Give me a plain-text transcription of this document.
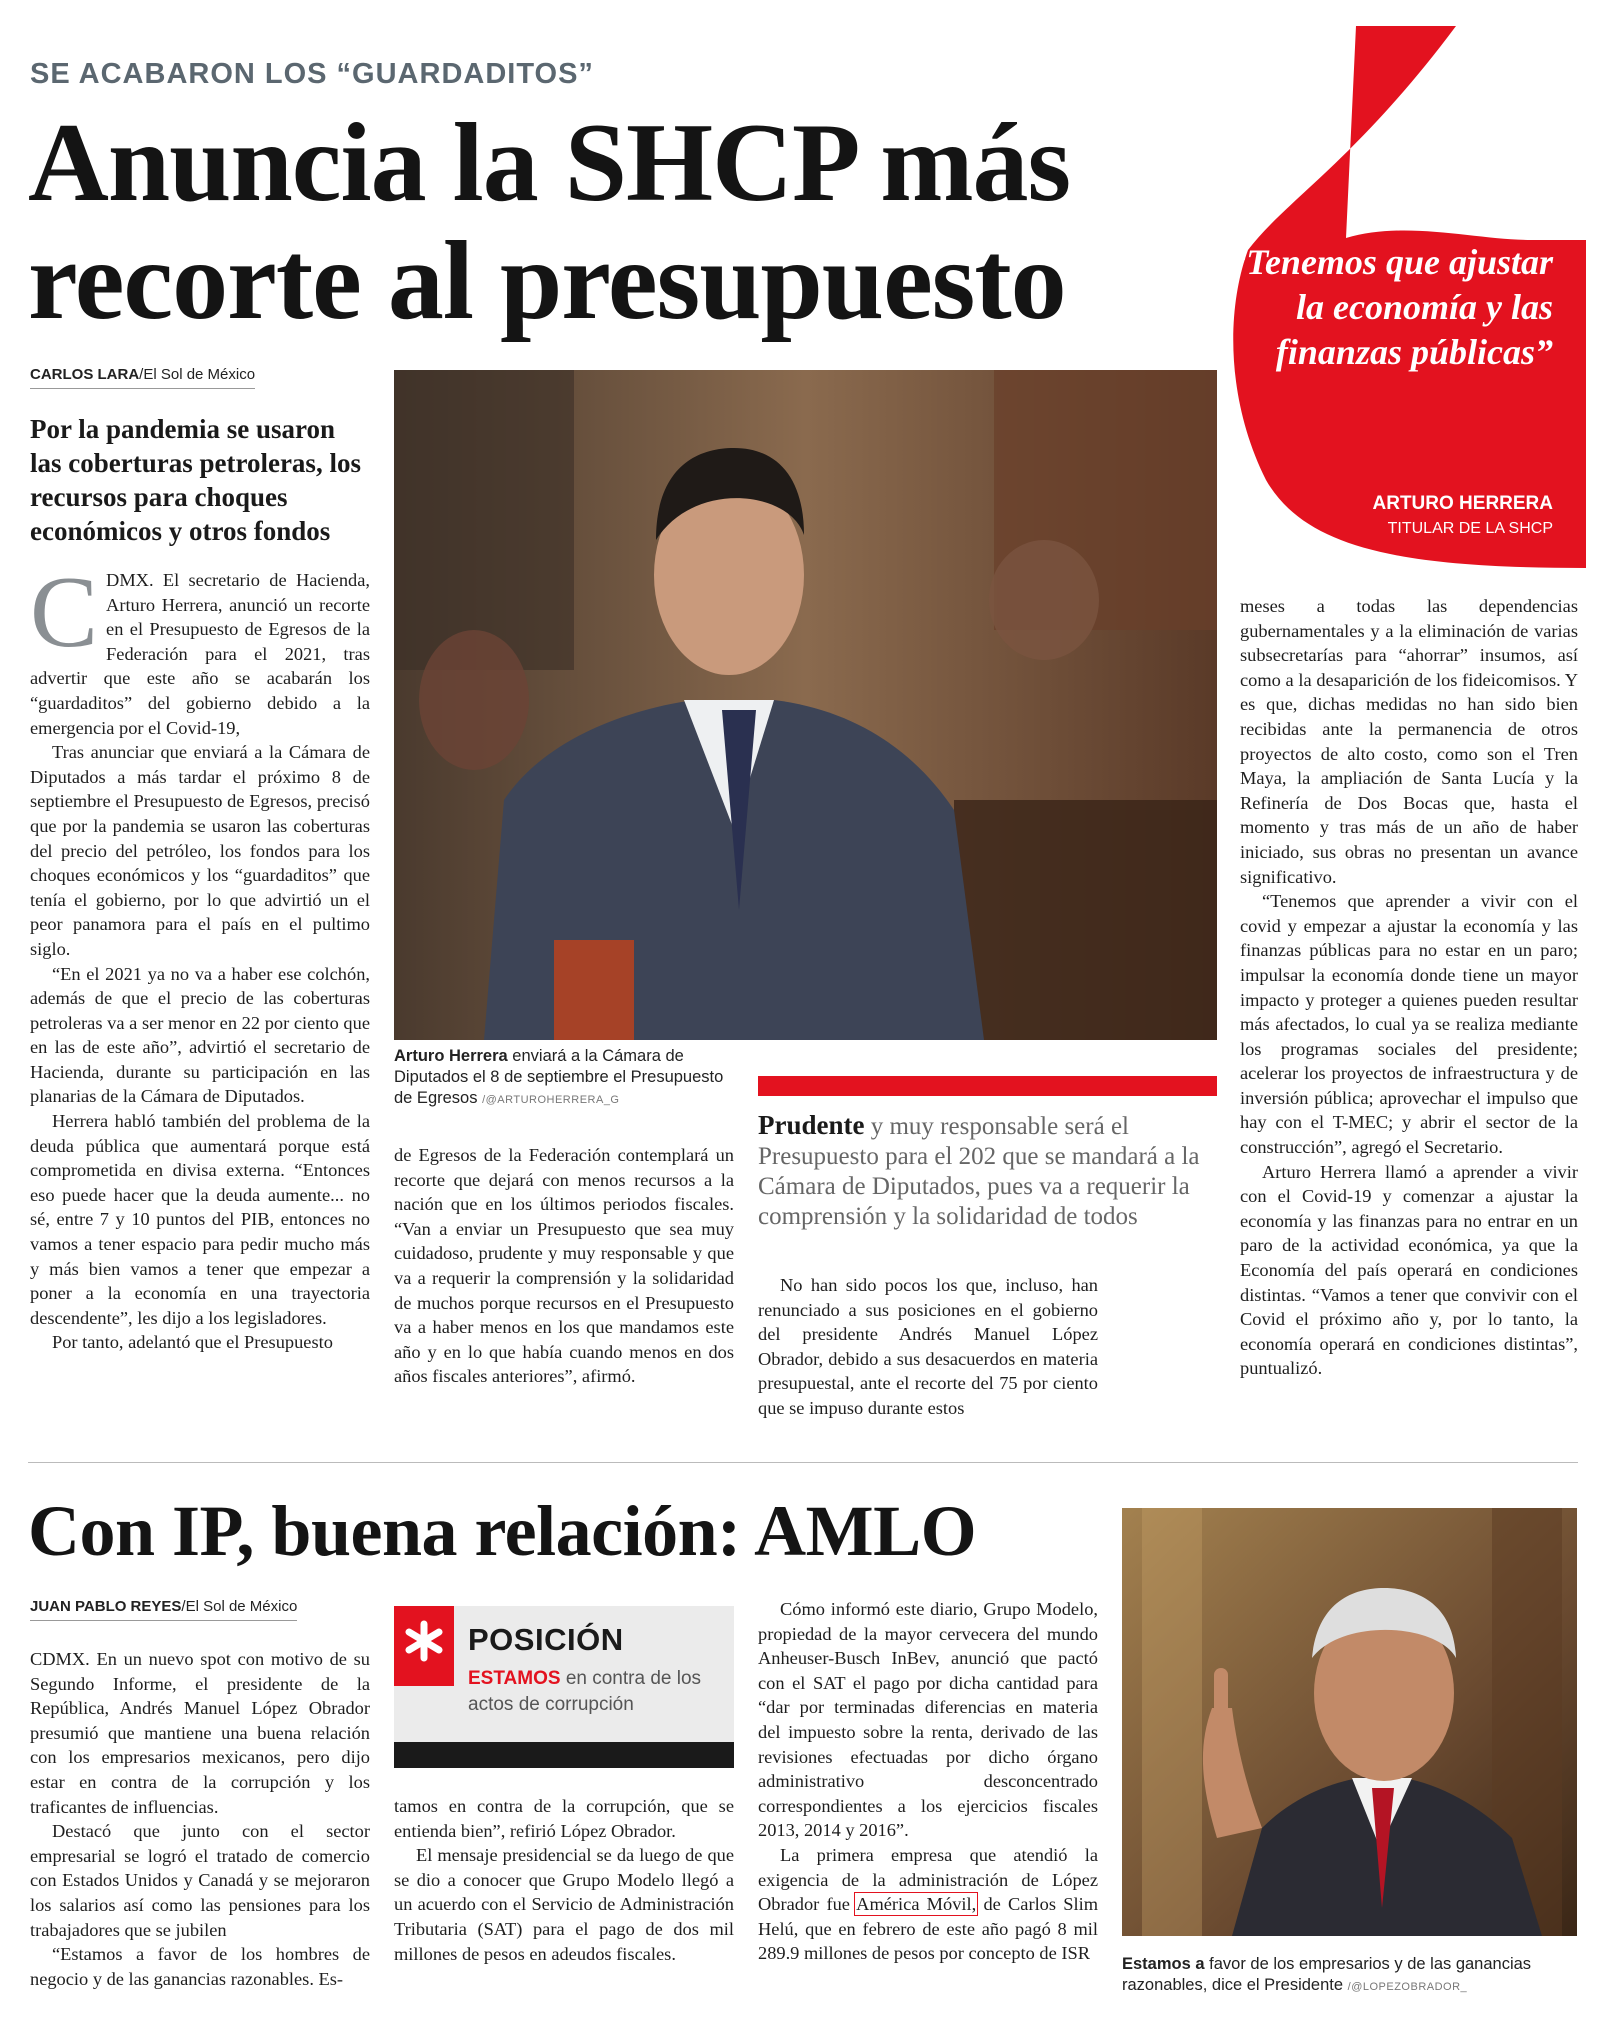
SE ACABARON LOS “GUARDADITOS”
Anuncia la SHCP más recorte al presupuesto
CARLOS LARA/El Sol de México
Por la pandemia se usaron las coberturas petroleras, los recursos para choques económicos y otros fondos
“Tenemos que ajustar la economía y las finanzas públicas”
ARTURO HERRERA
TITULAR DE LA SHCP
Arturo Herrera enviará a la Cámara de Diputados el 8 de septiembre el Presupuesto de Egresos /@ARTUROHERRERA_G
C DMX. El secretario de Hacienda, Arturo Herrera, anunció un recorte en el Presupuesto de Egresos de la Federación para el 2021, tras advertir que este año se acabarán los “guardaditos” del gobierno debido a la emergencia por el Covid-19,

Tras anunciar que enviará a la Cámara de Diputados a más tardar el próximo 8 de septiembre el Presupuesto de Egresos, precisó que por la pandemia se usaron las coberturas del precio del petróleo, los fondos para los choques económicos y los “guardaditos” que tenía el gobierno, por lo que advirtió un el peor panamora para el país en el pultimo siglo.

“En el 2021 ya no va a haber ese colchón, además de que el precio de las coberturas petroleras va a ser menor en 22 por ciento que en las de este año”, advirtió el secretario de Hacienda, durante su participación en las planarias de la Cámara de Diputados.

Herrera habló también del problema de la deuda pública que aumentará porque está comprometida en divisa externa. “Entonces eso puede hacer que la deuda aumente... no sé, entre 7 y 10 puntos del PIB, entonces no vamos a tener espacio para pedir mucho más y más bien vamos a tener que empezar a poner a la economía en una trayectoria descendente”, les dijo a los legisladores.

Por tanto, adelantó que el Presupuesto

de Egresos de la Federación contemplará un recorte que dejará con menos recursos a la nación que en los últimos periodos fiscales. “Van a enviar un Presupuesto que sea muy cuidadoso, prudente y muy responsable y que va a requerir la comprensión y la solidaridad de muchos porque recursos en el Presupuesto va a haber menos en los que mandamos este año y en lo que había cuando menos en dos años fiscales anteriores”, afirmó.

Prudente y muy responsable será el Presupuesto para el 202 que se mandará a la Cámara de Diputados, pues va a requerir la comprensión y la solidaridad de todos

No han sido pocos los que, incluso, han renunciado a sus posiciones en el gobierno del presidente Andrés Manuel López Obrador, debido a sus desacuerdos en materia presupuestal, ante el recorte del 75 por ciento que se impuso durante estos

meses a todas las dependencias gubernamentales y a la eliminación de varias subsecretarías para “ahorrar” insumos, así como a la desaparición de los fideicomisos. Y es que, dichas medidas no han sido bien recibidas ante la permanencia de otros proyectos de alto costo, como son el Tren Maya, la ampliación de Santa Lucía y la Refinería de Dos Bocas que, hasta el momento y tras más de un año de haber iniciado, sus obras no presentan un avance significativo.

“Tenemos que aprender a vivir con el covid y empezar a ajustar la economía y las finanzas públicas para no estar en un paro; impulsar la economía donde tiene un mayor impacto y proteger a quienes pueden resultar más afectados, lo cual ya se realiza mediante los programas sociales del presidente; acelerar los proyectos de infraestructura y de inversión pública; aprovechar el impulso que hay con el T-MEC; y abrir el sector de la construcción”, agregó el Secretario.

Arturo Herrera llamó a aprender a vivir con el Covid-19 y comenzar a ajustar la economía y las finanzas para no entrar en un paro de la actividad económica, ya que la Economía del país operará en condiciones distintas. “Vamos a tener que convivir con el Covid el próximo año y, por lo tanto, la economía operará en condiciones distintas”, puntualizó.

Con IP, buena relación: AMLO
JUAN PABLO REYES/El Sol de México

CDMX. En un nuevo spot con motivo de su Segundo Informe, el presidente de la República, Andrés Manuel López Obrador presumió que mantiene una buena relación con los empresarios mexicanos, pero dijo estar en contra de la corrupción y los traficantes de influencias.

Destacó que junto con el sector empresarial se logró el tratado de comercio con Estados Unidos y Canadá y se mejoraron los salarios así como las pensiones para los trabajadores que se jubilen

“Estamos a favor de los hombres de negocio y de las ganancias razonables. Es-

POSICIÓN
ESTAMOS en contra de los actos de corrupción

tamos en contra de la corrupción, que se entienda bien”, refirió López Obrador.

El mensaje presidencial se da luego de que se dio a conocer que Grupo Modelo llegó a un acuerdo con el Servicio de Administración Tributaria (SAT) para el pago de dos mil millones de pesos en adeudos fiscales.

Cómo informó este diario, Grupo Modelo, propiedad de la mayor cervecera del mundo Anheuser-Busch InBev, anunció que pactó con el SAT el pago por dicha cantidad para “dar por terminadas diferencias en materia del impuesto sobre la renta, derivado de las revisiones efectuadas por dicho órgano administrativo desconcentrado correspondientes a los ejercicios fiscales 2013, 2014 y 2016”.

La primera empresa que atendió la exigencia de la administración de López Obrador fue América Móvil, de Carlos Slim Helú, que en febrero de este año pagó 8 mil 289.9 millones de pesos por concepto de ISR

Estamos a favor de los empresarios y de las ganancias razonables, dice el Presidente /@LOPEZOBRADOR_
